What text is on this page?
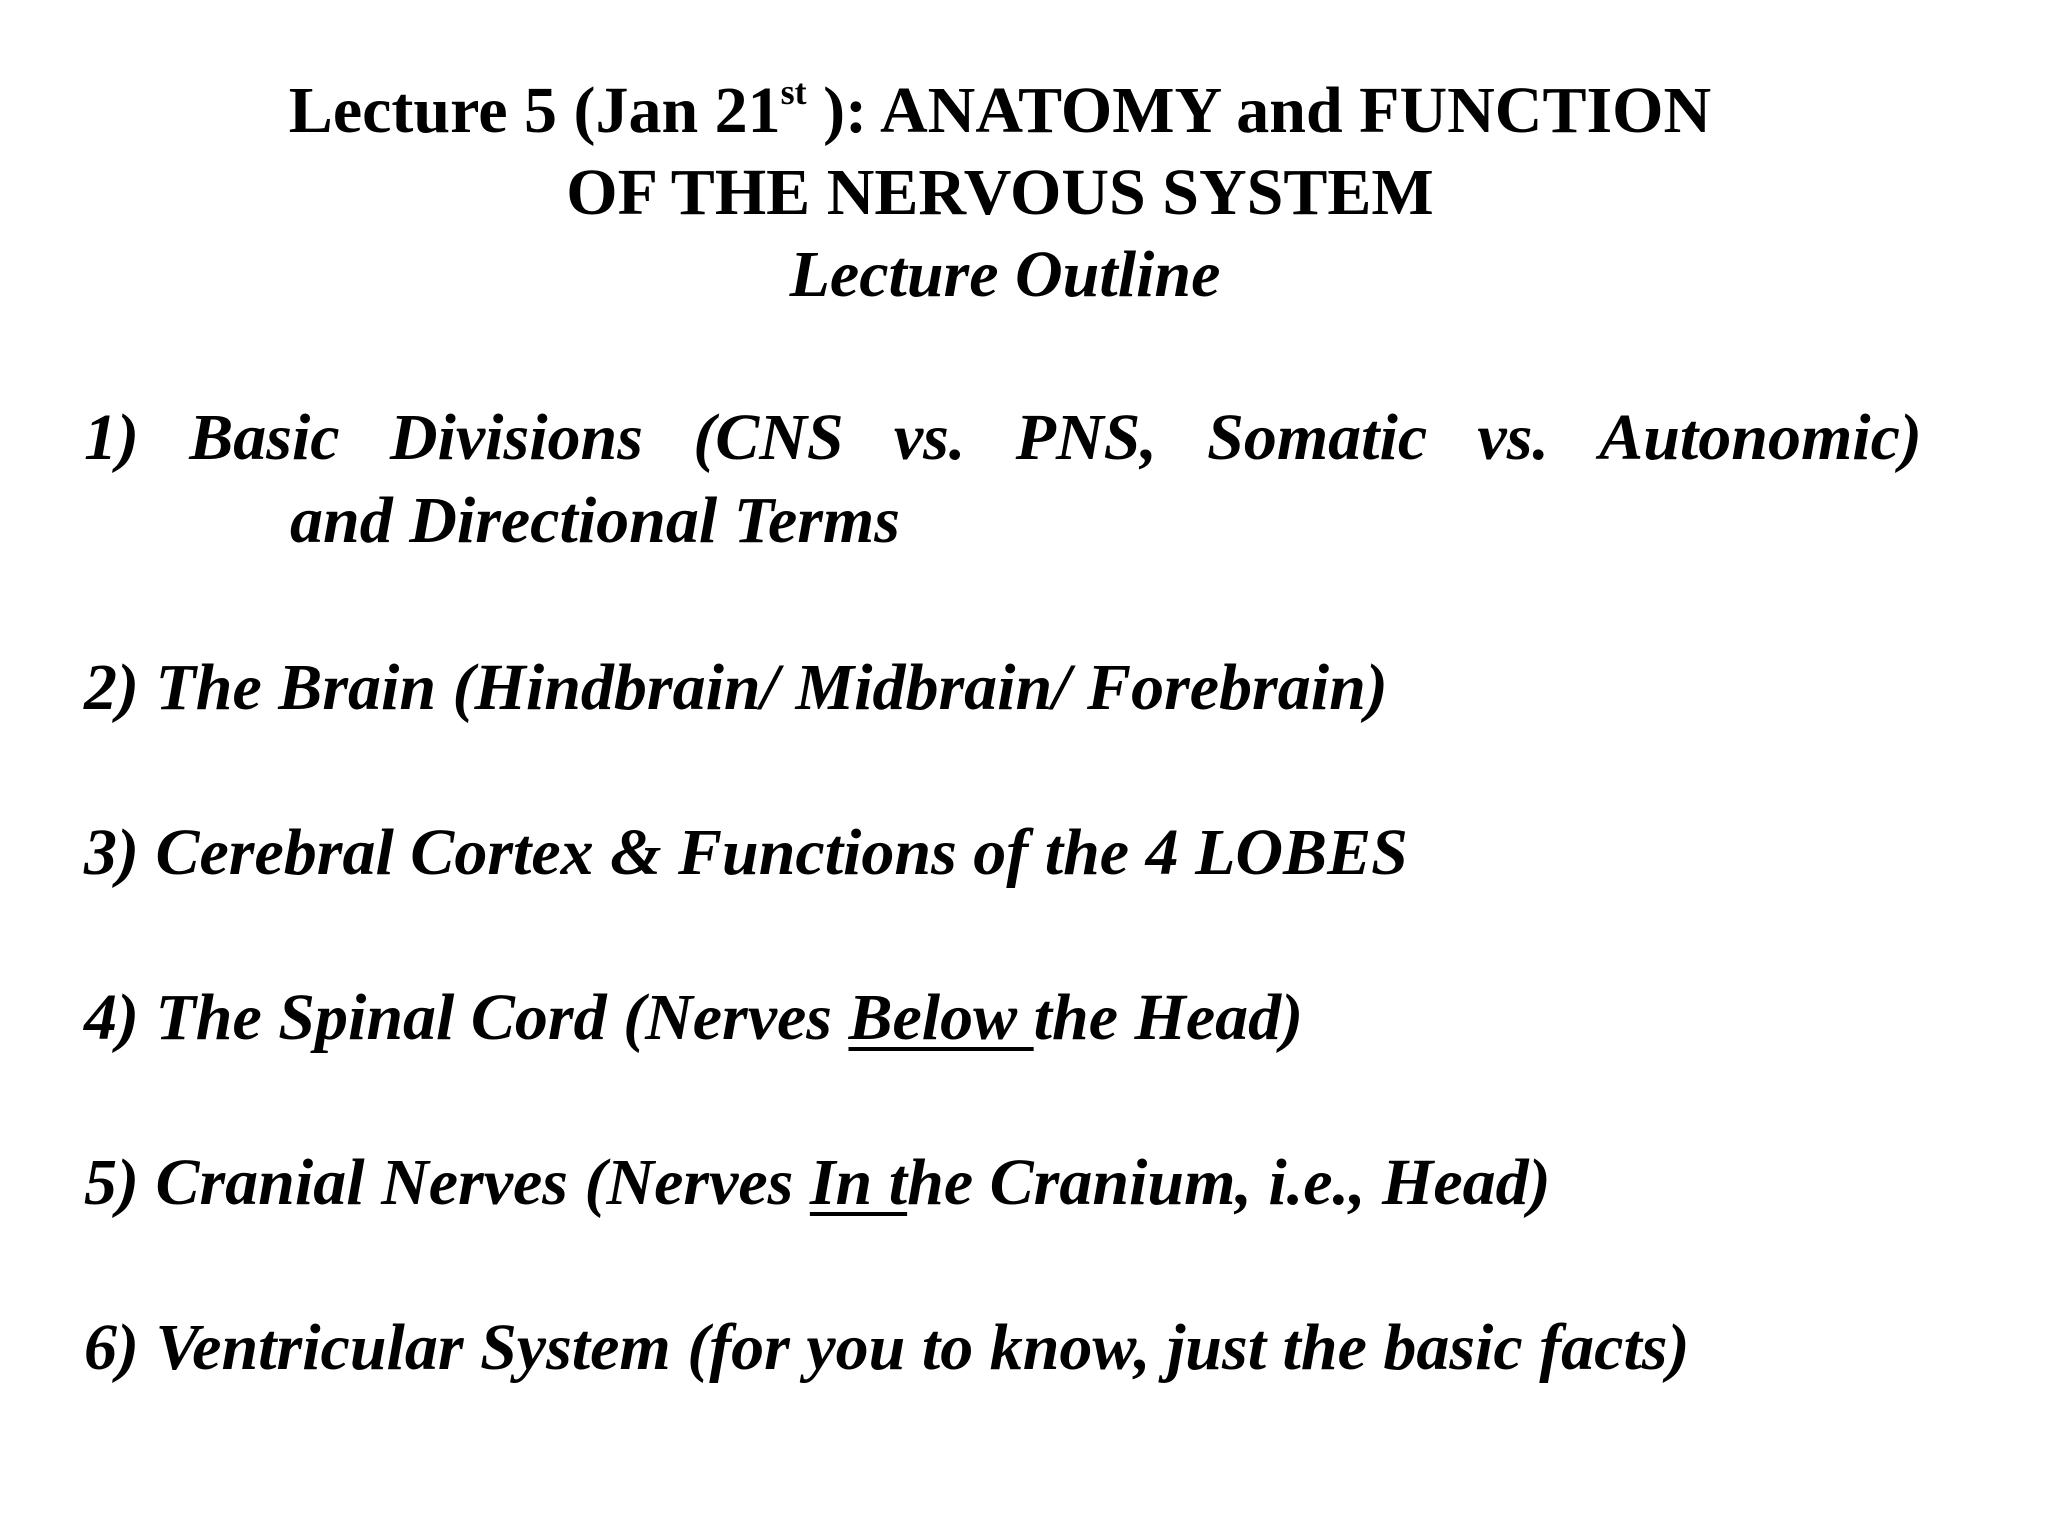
Lecture 5 (Jan 21st ): ANATOMY and FUNCTION
OF THE NERVOUS SYSTEM
Lecture Outline
1) Basic Divisions (CNS vs. PNS, Somatic vs. Autonomic)
and Directional Terms
2) The Brain (Hindbrain/ Midbrain/ Forebrain)
3) Cerebral Cortex & Functions of the 4 LOBES
4) The Spinal Cord (Nerves Below the Head)
5) Cranial Nerves (Nerves In the Cranium, i.e., Head)
6) Ventricular System (for you to know, just the basic facts)
